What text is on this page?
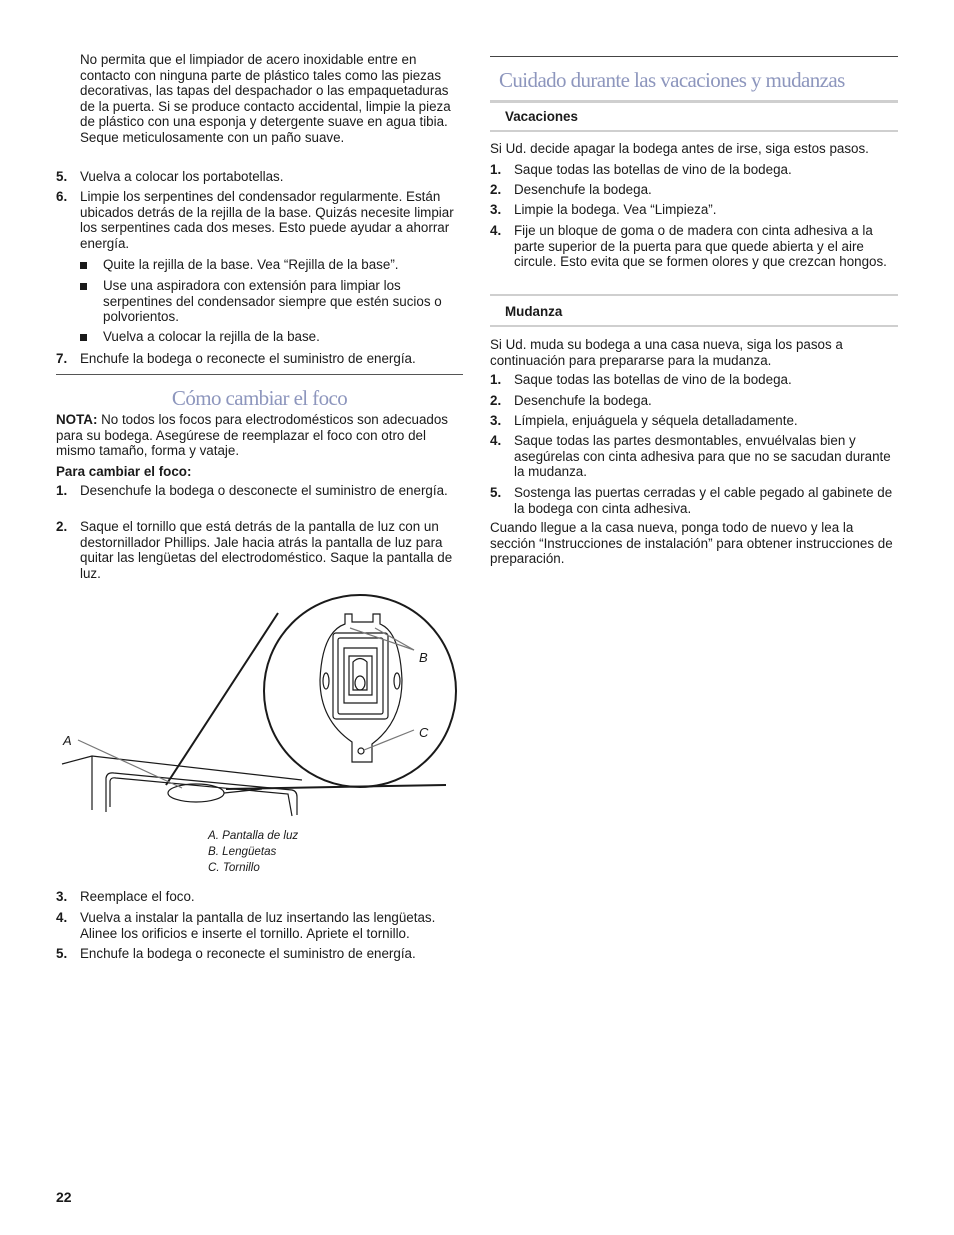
No permita que el limpiador de acero inoxidable entre en contacto con ninguna parte de plástico tales como las piezas decorativas, las tapas del despachador o las empaquetaduras de la puerta. Si se produce contacto accidental, limpie la pieza de plástico con una esponja y detergente suave en agua tibia. Seque meticulosamente con un paño suave.

5. Vuelva a colocar los portabotellas.

6. Limpie los serpentines del condensador regularmente. Están ubicados detrás de la rejilla de la base. Quizás necesite limpiar los serpentines cada dos meses. Esto puede ayudar a ahorrar energía.

Quite la rejilla de la base. Vea “Rejilla de la base”.

Use una aspiradora con extensión para limpiar los serpentines del condensador siempre que estén sucios o polvorientos.

Vuelva a colocar la rejilla de la base.

7. Enchufe la bodega o reconecte el suministro de energía.

Cómo cambiar el foco

NOTA: No todos los focos para electrodomésticos son adecuados para su bodega. Asegúrese de reemplazar el foco con otro del mismo tamaño, forma y vataje.

Para cambiar el foco:

1. Desenchufe la bodega o desconecte el suministro de energía.

2. Saque el tornillo que está detrás de la pantalla de luz con un destornillador Phillips. Jale hacia atrás la pantalla de luz para quitar las lengüetas del electrodoméstico. Saque la pantalla de luz.

3. Reemplace el foco.

4. Vuelva a instalar la pantalla de luz insertando las lengüetas. Alinee los orificios e inserte el tornillo. Apriete el tornillo.

5. Enchufe la bodega o reconecte el suministro de energía.

A
B
C
A. Pantalla de luz
B. Lengüetas
C. Tornillo
Cuidado durante las vacaciones y mudanzas
Vacaciones

Si Ud. decide apagar la bodega antes de irse, siga estos pasos.

1. Saque todas las botellas de vino de la bodega.

2. Desenchufe la bodega.

3. Limpie la bodega. Vea “Limpieza”.

4. Fije un bloque de goma o de madera con cinta adhesiva a la parte superior de la puerta para que quede abierta y el aire circule. Esto evita que se formen olores y que crezcan hongos.

Mudanza

Si Ud. muda su bodega a una casa nueva, siga los pasos a continuación para prepararse para la mudanza.

1. Saque todas las botellas de vino de la bodega.

2. Desenchufe la bodega.

3. Límpiela, enjuáguela y séquela detalladamente.

4. Saque todas las partes desmontables, envuélvalas bien y asegúrelas con cinta adhesiva para que no se sacudan durante la mudanza.

5. Sostenga las puertas cerradas y el cable pegado al gabinete de la bodega con cinta adhesiva.

Cuando llegue a la casa nueva, ponga todo de nuevo y lea la sección “Instrucciones de instalación” para obtener instrucciones de preparación.

22
